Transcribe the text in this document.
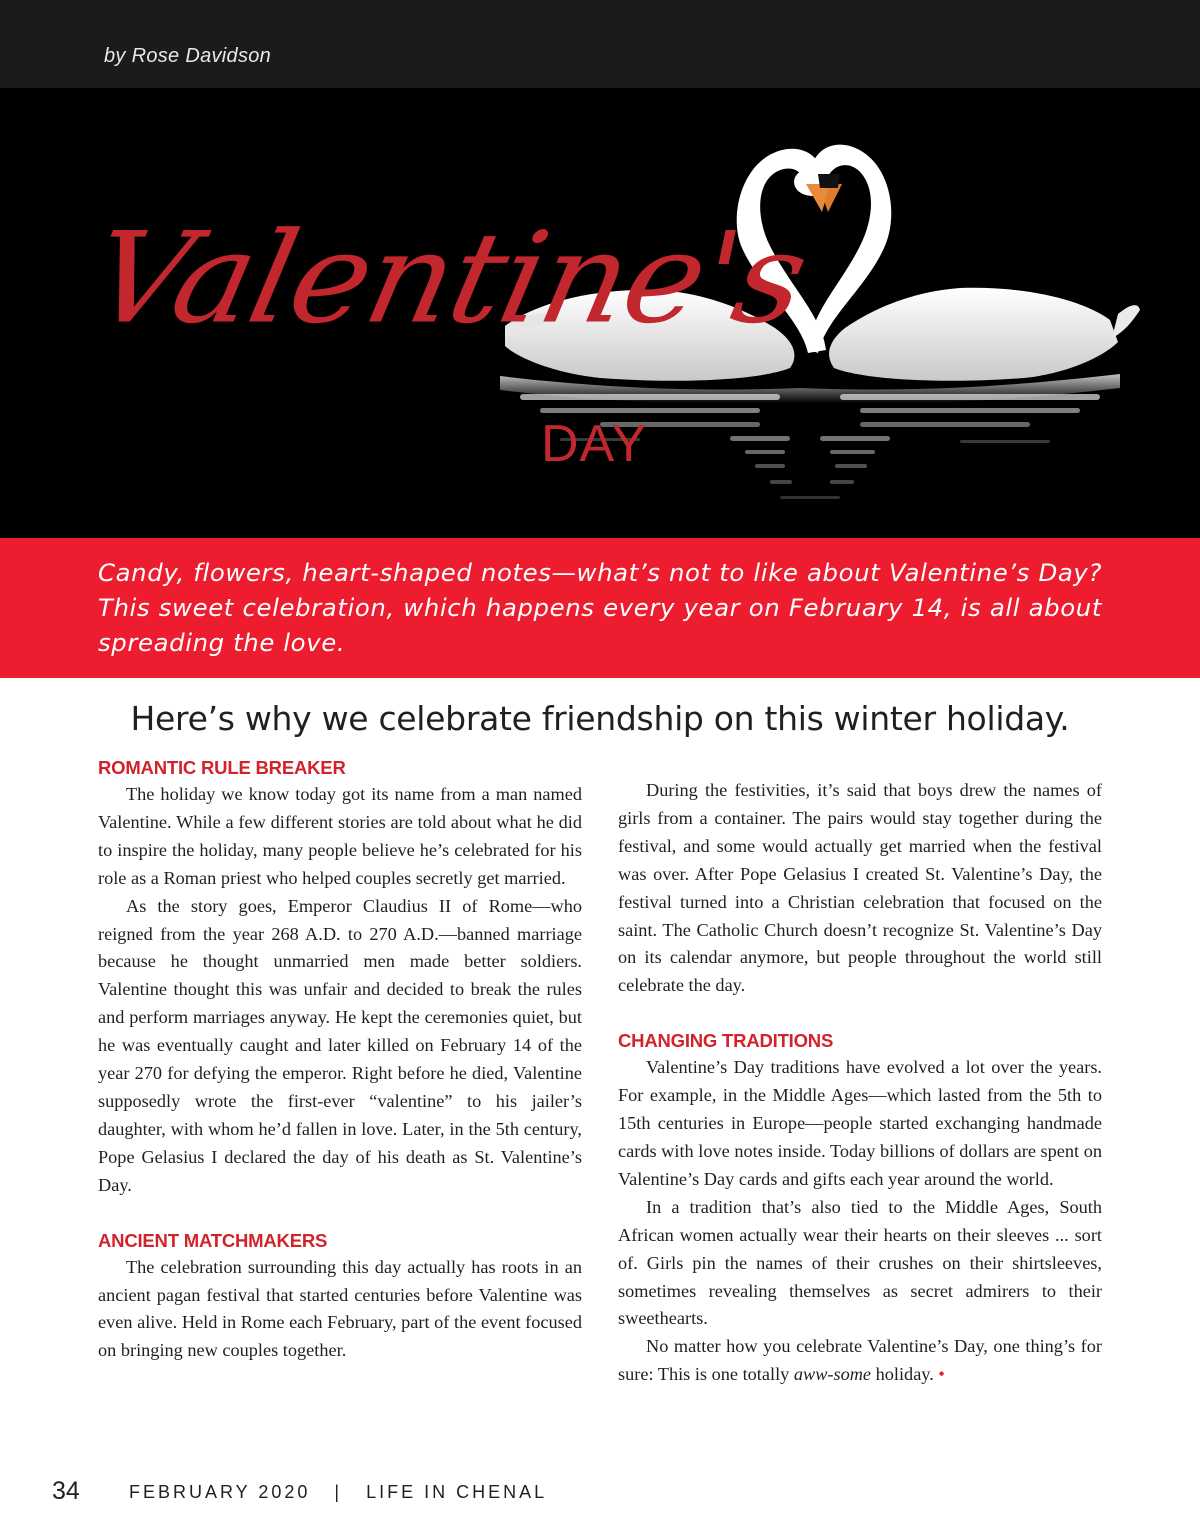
by Rose Davidson
Valentine's
DAY
Candy, flowers, heart-shaped notes—what’s not to like about Valentine’s Day? This sweet celebration, which happens every year on February 14, is all about spreading the love.
Here’s why we celebrate friendship on this winter holiday.
ROMANTIC RULE BREAKER

The holiday we know today got its name from a man named Valentine. While a few different stories are told about what he did to inspire the holiday, many people believe he’s celebrated for his role as a Roman priest who helped couples secretly get married.

As the story goes, Emperor Claudius II of Rome—who reigned from the year 268 A.D. to 270 A.D.—banned marriage because he thought unmarried men made better soldiers. Valentine thought this was unfair and decided to break the rules and perform marriages anyway. He kept the ceremonies quiet, but he was eventually caught and later killed on February 14 of the year 270 for defying the emperor. Right before he died, Valentine supposedly wrote the first-ever “valentine” to his jailer’s daughter, with whom he’d fallen in love. Later, in the 5th century, Pope Gelasius I declared the day of his death as St. Valentine’s Day.

ANCIENT MATCHMAKERS

The celebration surrounding this day actually has roots in an ancient pagan festival that started centuries before Valentine was even alive. Held in Rome each February, part of the event focused on bringing new couples together.

During the festivities, it’s said that boys drew the names of girls from a container. The pairs would stay together during the festival, and some would actually get married when the festival was over. After Pope Gelasius I created St. Valentine’s Day, the festival turned into a Christian celebration that focused on the saint. The Catholic Church doesn’t recognize St. Valentine’s Day on its calendar anymore, but people throughout the world still celebrate the day.

CHANGING TRADITIONS

Valentine’s Day traditions have evolved a lot over the years. For example, in the Middle Ages—which lasted from the 5th to 15th centuries in Europe—people started exchanging handmade cards with love notes inside. Today billions of dollars are spent on Valentine’s Day cards and gifts each year around the world.

In a tradition that’s also tied to the Middle Ages, South African women actually wear their hearts on their sleeves ... sort of. Girls pin the names of their crushes on their shirtsleeves, sometimes revealing themselves as secret admirers to their sweethearts.

No matter how you celebrate Valentine’s Day, one thing’s for sure: This is one totally aww-some holiday. •

34	FEBRUARY 2020   |   LIFE IN CHENAL
